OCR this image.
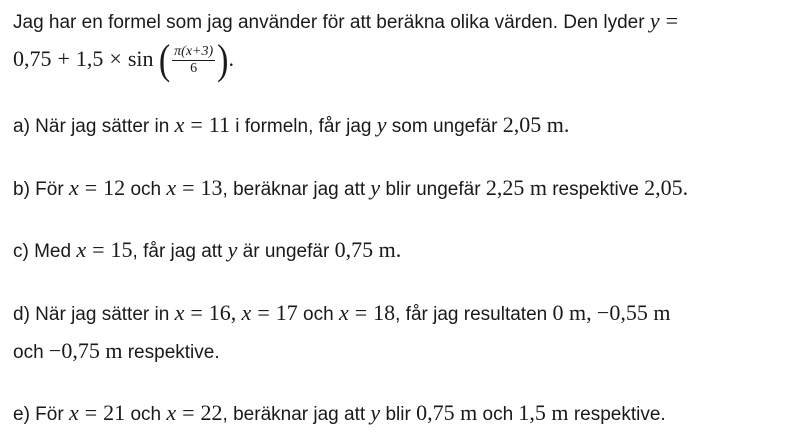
Jag har en formel som jag använder för att beräkna olika värden. Den lyder y =
0,75 + 1,5 × sin ( $\frac{\pi(x+3)}{6}$ ).
a) När jag sätter in x = 11 i formeln, får jag y som ungefär 2,05 m.
b) För x = 12 och x = 13, beräknar jag att y blir ungefär 2,25 m respektive 2,05.
c) Med x = 15, får jag att y är ungefär 0,75 m.
d) När jag sätter in x = 16, x = 17 och x = 18, får jag resultaten 0 m, −0,55 m
och −0,75 m respektive.
e) För x = 21 och x = 22, beräknar jag att y blir 0,75 m och 1,5 m respektive.
